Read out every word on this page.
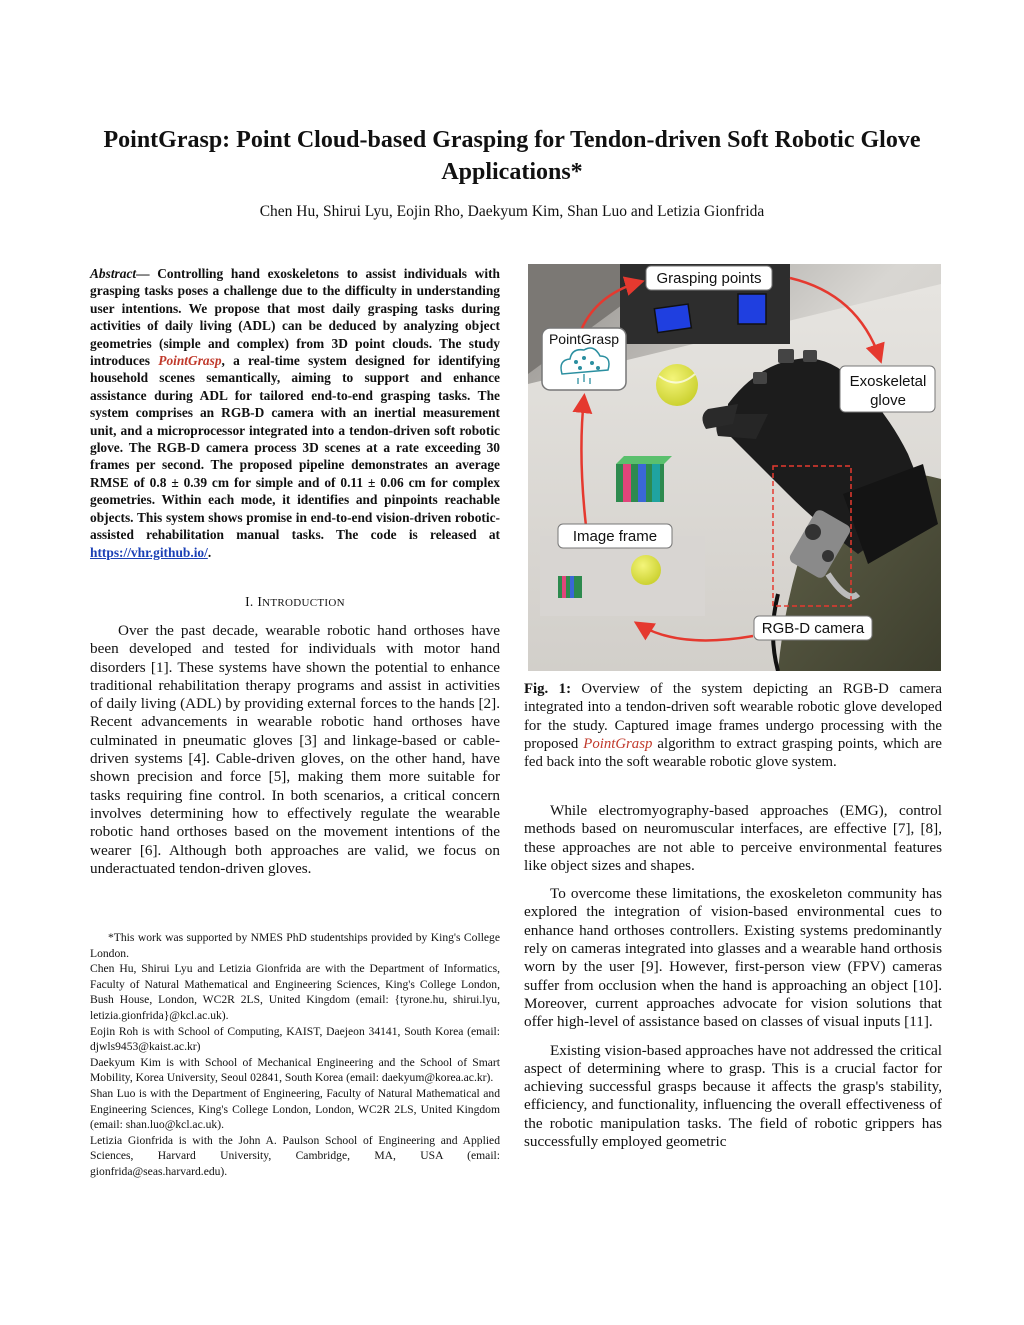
PointGrasp: Point Cloud-based Grasping for Tendon-driven Soft Robotic Glove Applications*
Chen Hu, Shirui Lyu, Eojin Rho, Daekyum Kim, Shan Luo and Letizia Gionfrida
Abstract— Controlling hand exoskeletons to assist individuals with grasping tasks poses a challenge due to the difficulty in understanding user intentions. We propose that most daily grasping tasks during activities of daily living (ADL) can be deduced by analyzing object geometries (simple and complex) from 3D point clouds. The study introduces PointGrasp, a real-time system designed for identifying household scenes semantically, aiming to support and enhance assistance during ADL for tailored end-to-end grasping tasks. The system comprises an RGB-D camera with an inertial measurement unit, and a microprocessor integrated into a tendon-driven soft robotic glove. The RGB-D camera process 3D scenes at a rate exceeding 30 frames per second. The proposed pipeline demonstrates an average RMSE of 0.8 ± 0.39 cm for simple and of 0.11 ± 0.06 cm for complex geometries. Within each mode, it identifies and pinpoints reachable objects. This system shows promise in end-to-end vision-driven robotic-assisted rehabilitation manual tasks. The code is released at https://vhr.github.io/.
I. INTRODUCTION

Over the past decade, wearable robotic hand orthoses have been developed and tested for individuals with motor hand disorders [1]. These systems have shown the potential to enhance traditional rehabilitation therapy programs and assist in activities of daily living (ADL) by providing external forces to the hands [2]. Recent advancements in wearable robotic hand orthoses have culminated in pneumatic gloves [3] and linkage-based or cable-driven systems [4]. Cable-driven gloves, on the other hand, have shown precision and force [5], making them more suitable for tasks requiring fine control. In both scenarios, a critical concern involves determining how to effectively regulate the wearable robotic hand orthoses based on the movement intentions of the wearer [6]. Although both approaches are valid, we focus on underactuated tendon-driven gloves.

*This work was supported by NMES PhD studentships provided by King's College London.

Chen Hu, Shirui Lyu and Letizia Gionfrida are with the Department of Informatics, Faculty of Natural Mathematical and Engineering Sciences, King's College London, Bush House, London, WC2R 2LS, United Kingdom (email: {tyrone.hu, shirui.lyu, letizia.gionfrida}@kcl.ac.uk).

Eojin Roh is with School of Computing, KAIST, Daejeon 34141, South Korea (email: djwls9453@kaist.ac.kr)

Daekyum Kim is with School of Mechanical Engineering and the School of Smart Mobility, Korea University, Seoul 02841, South Korea (email: daekyum@korea.ac.kr).

Shan Luo is with the Department of Engineering, Faculty of Natural Mathematical and Engineering Sciences, King's College London, London, WC2R 2LS, United Kingdom (email: shan.luo@kcl.ac.uk).

Letizia Gionfrida is with the John A. Paulson School of Engineering and Applied Sciences, Harvard University, Cambridge, MA, USA (email: gionfrida@seas.harvard.edu).

Grasping points
PointGrasp
Exoskeletal
glove
Image frame
RGB-D camera
Fig. 1: Overview of the system depicting an RGB-D camera integrated into a tendon-driven soft wearable robotic glove developed for the study. Captured image frames undergo processing with the proposed PointGrasp algorithm to extract grasping points, which are fed back into the soft wearable robotic glove system.

While electromyography-based approaches (EMG), control methods based on neuromuscular interfaces, are effective [7], [8], these approaches are not able to perceive environmental features like object sizes and shapes.

To overcome these limitations, the exoskeleton community has explored the integration of vision-based environmental cues to enhance hand orthoses controllers. Existing systems predominantly rely on cameras integrated into glasses and a wearable hand orthosis worn by the user [9]. However, first-person view (FPV) cameras suffer from occlusion when the hand is approaching an object [10]. Moreover, current approaches advocate for vision solutions that offer high-level of assistance based on classes of visual inputs [11].

Existing vision-based approaches have not addressed the critical aspect of determining where to grasp. This is a crucial factor for achieving successful grasps because it affects the grasp's stability, efficiency, and functionality, influencing the overall effectiveness of the robotic manipulation tasks. The field of robotic grippers has successfully employed geometric
